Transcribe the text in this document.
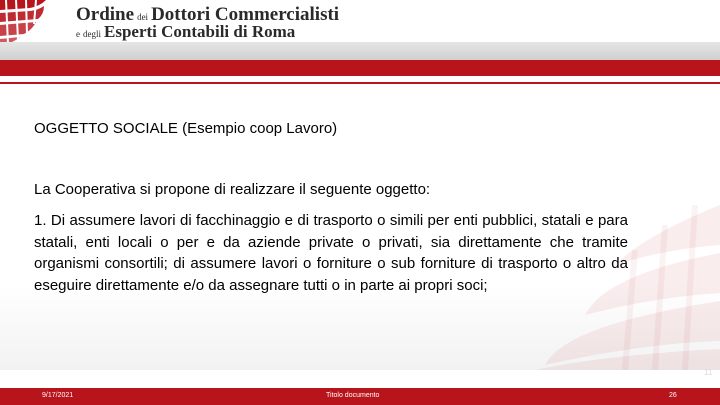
Ordine dei Dottori Commercialisti
e degli Esperti Contabili di Roma
OGGETTO SOCIALE (Esempio coop Lavoro)
La Cooperativa si propone di realizzare il seguente oggetto:
1. Di assumere lavori di facchinaggio e di trasporto o simili per enti pubblici, statali e para statali, enti locali o per e da aziende private o privati, sia direttamente che tramite organismi consortili; di assumere lavori o forniture o sub forniture di trasporto o altro da eseguire direttamente e/o da assegnare tutti o in parte ai propri soci;
11
9/17/2021	Titolo documento	26
